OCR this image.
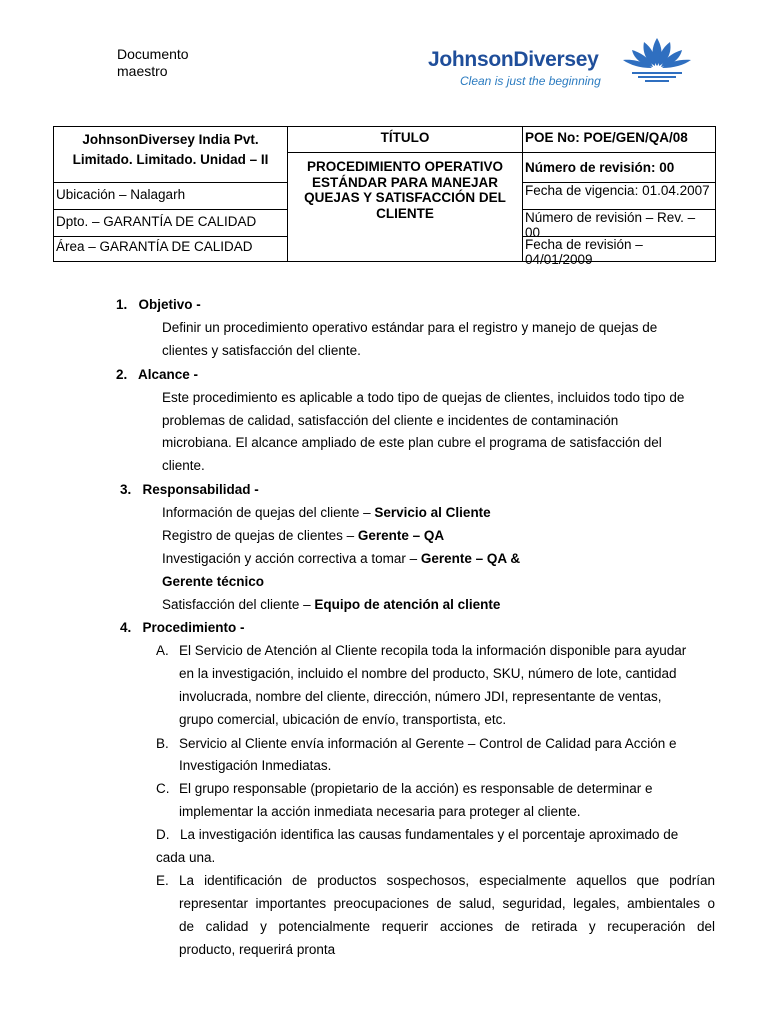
Documento maestro	JohnsonDiversey
Clean is just the beginning
JohnsonDiversey India Pvt. Limitado. Limitado. Unidad – II	TÍTULO	POE No: POE/GEN/QA/08
	PROCEDIMIENTO OPERATIVO ESTÁNDAR PARA MANEJAR QUEJAS Y SATISFACCIÓN DEL CLIENTE	Número de revisión: 00

Ubicación – Nalagarh		Fecha de vigencia: 01.04.2007

Dpto. – GARANTÍA DE CALIDAD		Número de revisión – Rev. – 00

Área – GARANTÍA DE CALIDAD		Fecha de revisión – 04/01/2009
1. Objetivo -
Definir un procedimiento operativo estándar para el registro y manejo de quejas de
clientes y satisfacción del cliente.
2. Alcance -
Este procedimiento es aplicable a todo tipo de quejas de clientes, incluidos todo tipo de
problemas de calidad, satisfacción del cliente e incidentes de contaminación
microbiana. El alcance ampliado de este plan cubre el programa de satisfacción del
cliente.
3. Responsabilidad -
Información de quejas del cliente – Servicio al Cliente
Registro de quejas de clientes – Gerente – QA
Investigación y acción correctiva a tomar – Gerente – QA &
Gerente técnico
Satisfacción del cliente – Equipo de atención al cliente
4. Procedimiento -
A. El Servicio de Atención al Cliente recopila toda la información disponible para ayudar
en la investigación, incluido el nombre del producto, SKU, número de lote, cantidad
involucrada, nombre del cliente, dirección, número JDI, representante de ventas,
grupo comercial, ubicación de envío, transportista, etc.
B. Servicio al Cliente envía información al Gerente – Control de Calidad para Acción e
Investigación Inmediatas.
C. El grupo responsable (propietario de la acción) es responsable de determinar e
implementar la acción inmediata necesaria para proteger al cliente.
D. La investigación identifica las causas fundamentales y el porcentaje aproximado de
cada una.
E. La identificación de productos sospechosos, especialmente aquellos que podrían
representar importantes preocupaciones de salud, seguridad, legales, ambientales o
de calidad y potencialmente requerir acciones de retirada y recuperación del
producto, requerirá pronta
